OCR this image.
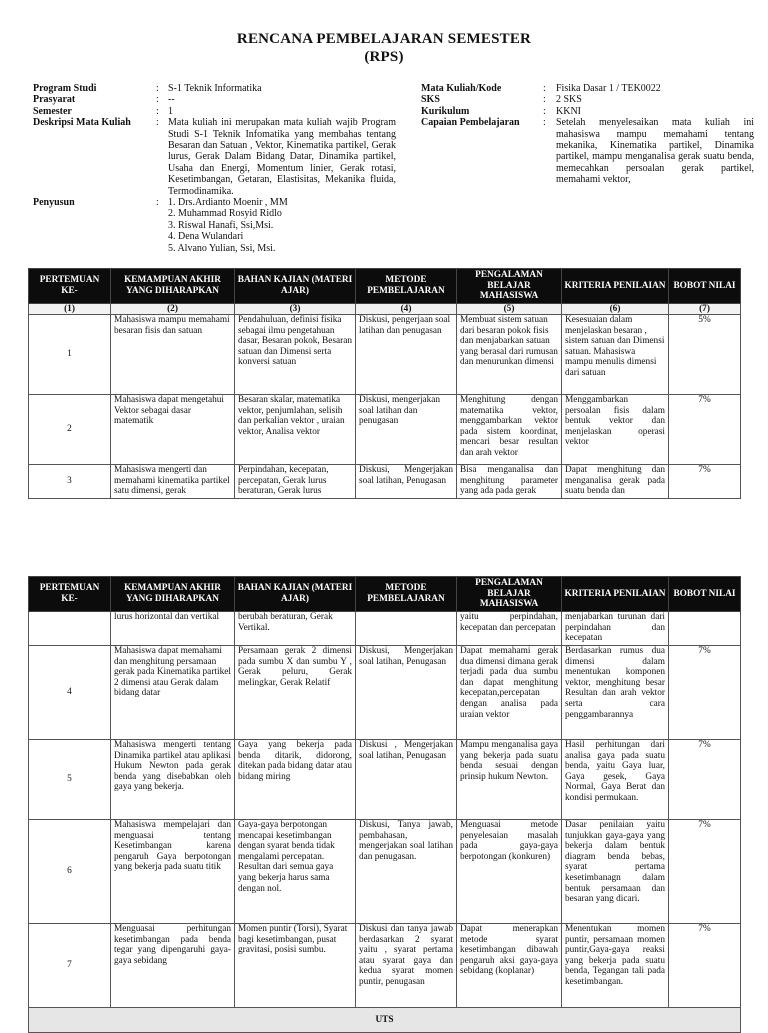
RENCANA PEMBELAJARAN SEMESTER
(RPS)
Program Studi	: S-1 Teknik Informatika
Prasyarat	: --
Semester	: 1
Deskripsi Mata Kuliah	: Mata kuliah ini merupakan mata kuliah wajib Program Studi S-1 Teknik Infomatika yang membahas tentang Besaran dan Satuan , Vektor, Kinematika partikel, Gerak lurus, Gerak Dalam Bidang Datar, Dinamika partikel, Usaha dan Energi, Momentum linier, Gerak rotasi, Kesetimbangan, Getaran, Elastisitas, Mekanika fluida, Termodinamika.
Penyusun	: 1. Drs.Ardianto Moenir , MM
2. Muhammad Rosyid Ridlo
3. Riswal Hanafi, Ssi,Msi.
4. Dena Wulandari
5. Alvano Yulian, Ssi, Msi.
Mata Kuliah/Kode	: Fisika Dasar 1 / TEK0022
SKS	: 2 SKS
Kurikulum	: KKNI
Capaian Pembelajaran : Setelah menyelesaikan mata kuliah ini mahasiswa mampu memahami tentang mekanika, Kinematika partikel, Dinamika partikel, mampu menganalisa gerak suatu benda, memecahkan persoalan gerak partikel, memahami vektor,
PERTEMUAN KE-	KEMAMPUAN AKHIR YANG DIHARAPKAN	BAHAN KAJIAN (MATERI AJAR)	METODE PEMBELAJARAN	PENGALAMAN BELAJAR MAHASISWA	KRITERIA PENILAIAN	BOBOT NILAI
(1)	(2)	(3)	(4)	(5)	(6)	(7)
1	Mahasiswa mampu memahami besaran fisis dan satuan	Pendahuluan, definisi fisika sebagai ilmu pengetahuan dasar, Besaran pokok, Besaran satuan dan Dimensi serta konversi satuan	Diskusi, pengerjaan soal latihan dan penugasan	Membuat sistem satuan dari besaran pokok fisis dan menjabarkan satuan yang berasal dari rumusan dan menurunkan dimensi	Kesesuaian dalam menjelaskan besaran , sistem satuan dan Dimensi satuan. Mahasiswa mampu menulis dimensi dari satuan	5%
2	Mahasiswa dapat mengetahui Vektor sebagai dasar matematik	Besaran skalar, matematika vektor, penjumlahan, selisih dan perkalian vektor , uraian vektor, Analisa vektor	Diskusi, mengerjakan soal latihan dan penugasan	Menghitung dengan matematika vektor, menggambarkan vektor pada sistem koordinat, mencari besar resultan dan arah vektor	Menggambarkan persoalan fisis dalam bentuk vektor dan menjelaskan operasi vektor	7%
3	Mahasiswa mengerti dan memahami kinematika partikel satu dimensi, gerak	Perpindahan, kecepatan, percepatan, Gerak lurus beraturan, Gerak lurus	Diskusi, Mengerjakan soal latihan, Penugasan	Bisa menganalisa dan menghitung parameter yang ada pada gerak	Dapat menghitung dan menganalisa gerak pada suatu benda dan	7%
PERTEMUAN KE-	KEMAMPUAN AKHIR YANG DIHARAPKAN	BAHAN KAJIAN (MATERI AJAR)	METODE PEMBELAJARAN	PENGALAMAN BELAJAR MAHASISWA	KRITERIA PENILAIAN	BOBOT NILAI
	lurus horizontal dan vertikal	berubah beraturan, Gerak Vertikal.		yaitu perpindahan, kecepatan dan percepatan	menjabarkan turunan dari perpindahan dan kecepatan	
4	Mahasiswa dapat memahami dan menghitung persamaan gerak pada Kinematika partikel 2 dimensi atau Gerak dalam bidang datar	Persamaan gerak 2 dimensi pada sumbu X dan sumbu Y , Gerak peluru, Gerak melingkar, Gerak Relatif	Diskusi, Mengerjakan soal latihan, Penugasan	Dapat memahami gerak dua dimensi dimana gerak terjadi pada dua sumbu dan dapat menghitung kecepatan,percepatan dengan analisa pada uraian vektor	Berdasarkan rumus dua dimensi dalam menentukan komponen vektor, menghitung besar Resultan dan arah vektor serta cara penggambarannya	7%
5	Mahasiswa mengerti tentang Dinamika partikel atau aplikasi Hukum Newton pada gerak benda yang disebabkan oleh gaya yang bekerja.	Gaya yang bekerja pada benda ditarik, didorong, ditekan pada bidang datar atau bidang miring	Diskusi , Mengerjakan soal latihan, Penugasan	Mampu menganalisa gaya yang bekerja pada suatu benda sesuai dengan prinsip hukum Newton.	Hasil perhitungan dari analisa gaya pada suatu benda, yaitu Gaya luar, Gaya gesek, Gaya Normal, Gaya Berat dan kondisi permukaan.	7%
6	Mahasiswa mempelajari dan menguasai tentang Kesetimbangan karena pengaruh Gaya berpotongan yang bekerja pada suatu titik	Gaya-gaya berpotongan mencapai kesetimbangan dengan syarat benda tidak mengalami percepatan. Resultan dari semua gaya yang bekerja harus sama dengan nol.	Diskusi, Tanya jawab, pembahasan, mengerjakan soal latihan dan penugasan.	Menguasai metode penyelesaian masalah pada gaya-gaya berpotongan (konkuren)	Dasar penilaian yaitu tunjukkan gaya-gaya yang bekerja dalam bentuk diagram benda bebas, syarat pertama kesetimbanagn dalam bentuk persamaan dan besaran yang dicari.	7%
7	Menguasai perhitungan kesetimbangan pada benda tegar yang dipengaruhi gaya-gaya sebidang	Momen puntir (Torsi), Syarat bagi kesetimbangan, pusat gravitasi, posisi sumbu.	Diskusi dan tanya jawab berdasarkan 2 syarat yaitu , syarat pertama atau syarat gaya dan kedua syarat momen puntir, penugasan	Dapat menerapkan metode syarat kesetimbangan dibawah pengaruh aksi gaya-gaya sebidang (koplanar)	Menentukan momen puntir, persamaan momen puntir,Gaya-gaya reaksi yang bekerja pada suatu benda, Tegangan tali pada kesetimbangan.	7%
UTS						
